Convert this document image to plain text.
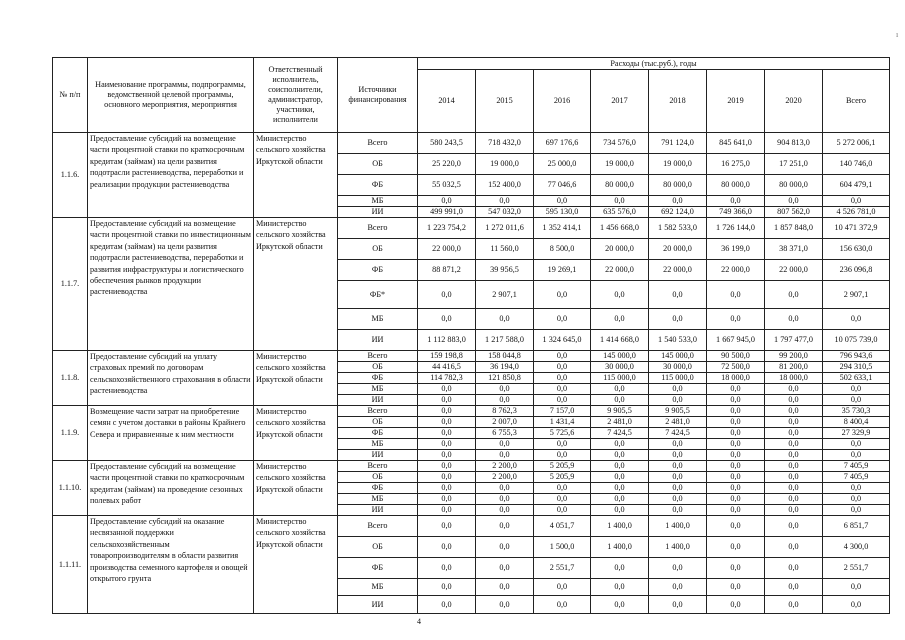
№ п/п	Наименование программы, подпрограммы, ведомственной целевой программы, основного мероприятия, мероприятия	Ответственный исполнитель, соисполнители, администратор, участники, исполнители	Источники финансирования	Расходы (тыс.руб.), годы							
				2014	2015	2016	2017	2018	2019	2020	Всего
1.1.6.	Предоставление субсидий на возмещение части процентной ставки по краткосрочным кредитам (займам) на цели развития подотрасли растениеводства, переработки и реализации продукции растениеводства	Министерство сельского хозяйства Иркутской области	Всего	580 243,5	718 432,0	697 176,6	734 576,0	791 124,0	845 641,0	904 813,0	5 272 006,1
			ОБ	25 220,0	19 000,0	25 000,0	19 000,0	19 000,0	16 275,0	17 251,0	140 746,0
			ФБ	55 032,5	152 400,0	77 046,6	80 000,0	80 000,0	80 000,0	80 000,0	604 479,1
			МБ	0,0	0,0	0,0	0,0	0,0	0,0	0,0	0,0
			ИИ	499 991,0	547 032,0	595 130,0	635 576,0	692 124,0	749 366,0	807 562,0	4 526 781,0
1.1.7.	Предоставление субсидий на возмещение части процентной ставки по инвестиционным кредитам (займам) на цели развития подотрасли растениеводства, переработки и развития инфраструктуры и логистического обеспечения рынков продукции растениеводства	Министерство сельского хозяйства Иркутской области	Всего	1 223 754,2	1 272 011,6	1 352 414,1	1 456 668,0	1 582 533,0	1 726 144,0	1 857 848,0	10 471 372,9
			ОБ	22 000,0	11 560,0	8 500,0	20 000,0	20 000,0	36 199,0	38 371,0	156 630,0
			ФБ	88 871,2	39 956,5	19 269,1	22 000,0	22 000,0	22 000,0	22 000,0	236 096,8
			ФБ*	0,0	2 907,1	0,0	0,0	0,0	0,0	0,0	2 907,1
			МБ	0,0	0,0	0,0	0,0	0,0	0,0	0,0	0,0
			ИИ	1 112 883,0	1 217 588,0	1 324 645,0	1 414 668,0	1 540 533,0	1 667 945,0	1 797 477,0	10 075 739,0
1.1.8.	Предоставление субсидий на уплату страховых премий по договорам сельскохозяйственного страхования в области растениеводства	Министерство сельского хозяйства Иркутской области	Всего	159 198,8	158 044,8	0,0	145 000,0	145 000,0	90 500,0	99 200,0	796 943,6
			ОБ	44 416,5	36 194,0	0,0	30 000,0	30 000,0	72 500,0	81 200,0	294 310,5
			ФБ	114 782,3	121 850,8	0,0	115 000,0	115 000,0	18 000,0	18 000,0	502 633,1
			МБ	0,0	0,0	0,0	0,0	0,0	0,0	0,0	0,0
			ИИ	0,0	0,0	0,0	0,0	0,0	0,0	0,0	0,0
1.1.9.	Возмещение части затрат на приобретение семян с учетом доставки в районы Крайнего Севера и приравненные к ним местности	Министерство сельского хозяйства Иркутской области	Всего	0,0	8 762,3	7 157,0	9 905,5	9 905,5	0,0	0,0	35 730,3
			ОБ	0,0	2 007,0	1 431,4	2 481,0	2 481,0	0,0	0,0	8 400,4
			ФБ	0,0	6 755,3	5 725,6	7 424,5	7 424,5	0,0	0,0	27 329,9
			МБ	0,0	0,0	0,0	0,0	0,0	0,0	0,0	0,0
			ИИ	0,0	0,0	0,0	0,0	0,0	0,0	0,0	0,0
1.1.10.	Предоставление субсидий на возмещение части процентной ставки по краткосрочным кредитам (займам) на проведение сезонных полевых работ	Министерство сельского хозяйства Иркутской области	Всего	0,0	2 200,0	5 205,9	0,0	0,0	0,0	0,0	7 405,9
			ОБ	0,0	2 200,0	5 205,9	0,0	0,0	0,0	0,0	7 405,9
			ФБ	0,0	0,0	0,0	0,0	0,0	0,0	0,0	0,0
			МБ	0,0	0,0	0,0	0,0	0,0	0,0	0,0	0,0
			ИИ	0,0	0,0	0,0	0,0	0,0	0,0	0,0	0,0
1.1.11.	Предоставление субсидий на оказание несвязанной поддержки сельскохозяйственным товаропроизводителям в области развития производства семенного картофеля и овощей открытого грунта	Министерство сельского хозяйства Иркутской области	Всего	0,0	0,0	4 051,7	1 400,0	1 400,0	0,0	0,0	6 851,7
			ОБ	0,0	0,0	1 500,0	1 400,0	1 400,0	0,0	0,0	4 300,0
			ФБ	0,0	0,0	2 551,7	0,0	0,0	0,0	0,0	2 551,7
			МБ	0,0	0,0	0,0	0,0	0,0	0,0	0,0	0,0
			ИИ	0,0	0,0	0,0	0,0	0,0	0,0	0,0	0,0
4
ı
